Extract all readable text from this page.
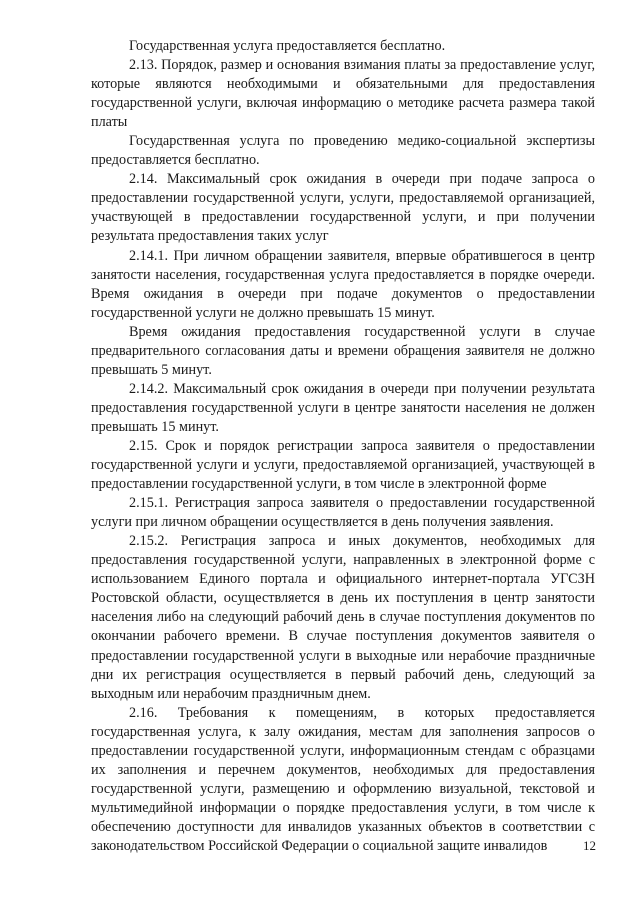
Государственная услуга предоставляется бесплатно.

2.13. Порядок, размер и основания взимания платы за предоставление услуг, которые являются необходимыми и обязательными для предоставления государственной услуги, включая информацию о методике расчета размера такой платы

Государственная услуга по проведению медико-социальной экспертизы предоставляется бесплатно.

2.14. Максимальный срок ожидания в очереди при подаче запроса о предоставлении государственной услуги, услуги, предоставляемой организацией, участвующей в предоставлении государственной услуги, и при получении результата предоставления таких услуг

2.14.1. При личном обращении заявителя, впервые обратившегося в центр занятости населения, государственная услуга предоставляется в порядке очереди. Время ожидания в очереди при подаче документов о предоставлении государственной услуги не должно превышать 15 минут.

Время ожидания предоставления государственной услуги в случае предварительного согласования даты и времени обращения заявителя не должно превышать 5 минут.

2.14.2. Максимальный срок ожидания в очереди при получении результата предоставления государственной услуги в центре занятости населения не должен превышать 15 минут.

2.15. Срок и порядок регистрации запроса заявителя о предоставлении государственной услуги и услуги, предоставляемой организацией, участвующей в предоставлении государственной услуги, в том числе в электронной форме

2.15.1. Регистрация запроса заявителя о предоставлении государственной услуги при личном обращении осуществляется в день получения заявления.

2.15.2. Регистрация запроса и иных документов, необходимых для предоставления государственной услуги, направленных в электронной форме с использованием Единого портала и официального интернет-портала УГСЗН Ростовской области, осуществляется в день их поступления в центр занятости населения либо на следующий рабочий день в случае поступления документов по окончании рабочего времени. В случае поступления документов заявителя о предоставлении государственной услуги в выходные или нерабочие праздничные дни их регистрация осуществляется в первый рабочий день, следующий за выходным или нерабочим праздничным днем.

2.16. Требования к помещениям, в которых предоставляется государственная услуга, к залу ожидания, местам для заполнения запросов о предоставлении государственной услуги, информационным стендам с образцами их заполнения и перечнем документов, необходимых для предоставления государственной услуги, размещению и оформлению визуальной, текстовой и мультимедийной информации о порядке предоставления услуги, в том числе к обеспечению доступности для инвалидов указанных объектов в соответствии с законодательством Российской Федерации о социальной защите инвалидов	12
